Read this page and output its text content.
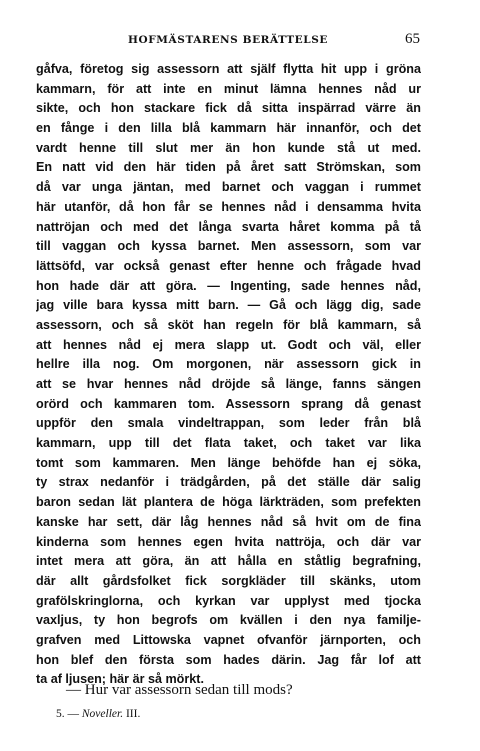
HOFMÄSTARENS BERÄTTELSE	65
gåfva, företog sig assessorn att själf flytta hit upp i gröna
kammarn, för att inte en minut lämna hennes nåd ur
sikte, och hon stackare fick då sitta inspärrad värre än
en fånge i den lilla blå kammarn här innanför, och det
vardt henne till slut mer än hon kunde stå ut med.
En natt vid den här tiden på året satt Strömskan, som
då var unga jäntan, med barnet och vaggan i rummet
här utanför, då hon får se hennes nåd i densamma hvita
nattröjan och med det långa svarta håret komma på tå
till vaggan och kyssa barnet. Men assessorn, som var
lättsöfd, var också genast efter henne och frågade hvad
hon hade där att göra. — Ingenting, sade hennes nåd,
jag ville bara kyssa mitt barn. — Gå och lägg dig, sade
assessorn, och så sköt han regeln för blå kammarn, så
att hennes nåd ej mera slapp ut. Godt och väl, eller
hellre illa nog. Om morgonen, när assessorn gick in
att se hvar hennes nåd dröjde så länge, fanns sängen
orörd och kammaren tom. Assessorn sprang då genast
uppför den smala vindeltrappan, som leder från blå
kammarn, upp till det flata taket, och taket var lika
tomt som kammaren. Men länge behöfde han ej söka,
ty strax nedanför i trädgården, på det ställe där salig
baron sedan lät plantera de höga lärkträden, som prefekten
kanske har sett, där låg hennes nåd så hvit om de fina
kinderna som hennes egen hvita nattröja, och där var
intet mera att göra, än att hålla en ståtlig begrafning,
där allt gårdsfolket fick sorgkläder till skänks, utom
grafölskringlorna, och kyrkan var upplyst med tjocka
vaxljus, ty hon begrofs om kvällen i den nya familje-
grafven med Littowska vapnet ofvanför järnporten, och
hon blef den första som hades därin. Jag får lof att
ta af ljusen; här är så mörkt.
— Hur var assessorn sedan till mods?
5. — Noveller. III.
